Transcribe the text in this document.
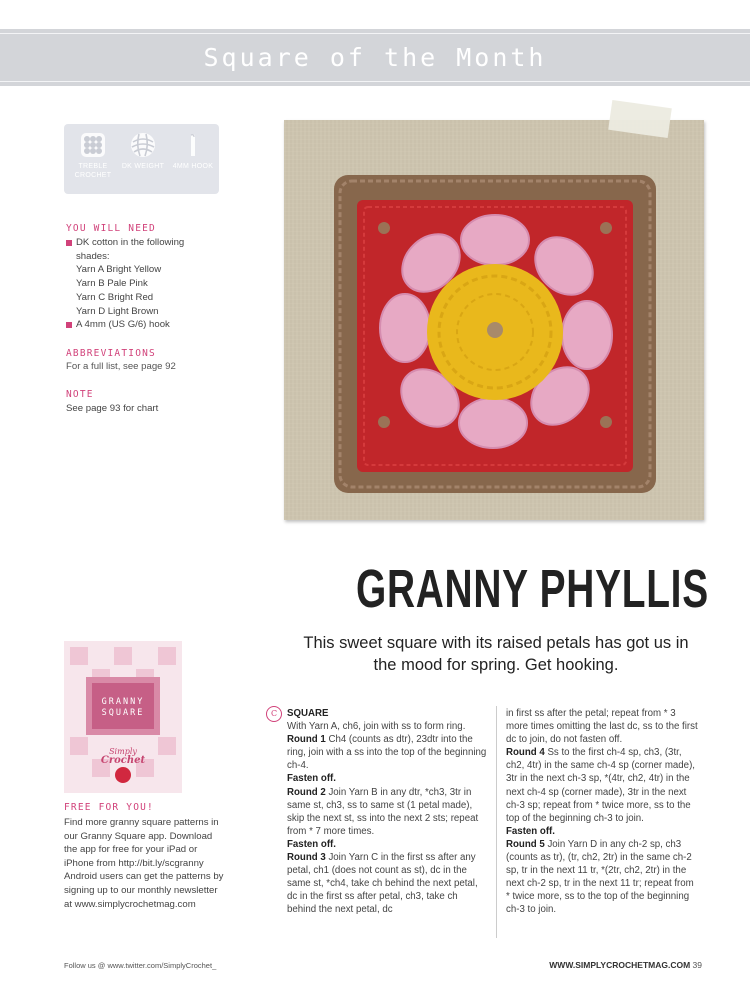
Square of the Month
TREBLE CROCHET
DK WEIGHT	4MM HOOK
YOU WILL NEED
DK cotton in the following shades:
Yarn A Bright Yellow
Yarn B Pale Pink
Yarn C Bright Red
Yarn D Light Brown
A 4mm (US G/6) hook
ABBREVIATIONS
For a full list, see page 92
NOTE
See page 93 for chart
GRANNY PHYLLIS
This sweet square with its raised petals has got us in the mood for spring. Get hooking.
GRANNY
SQUARE
Simply
Crochet
FREE FOR YOU!
Find more granny square patterns in our Granny Square app. Download the app for free for your iPad or iPhone from http://bit.ly/scgranny Android users can get the patterns by signing up to our monthly newsletter at www.simplycrochetmag.com
C	SQUARE
With Yarn A, ch6, join with ss to form ring.
Round 1 Ch4 (counts as dtr), 23dtr into the ring, join with a ss into the top of the beginning ch-4.
Fasten off.
Round 2 Join Yarn B in any dtr, *ch3, 3tr in same st, ch3, ss to same st (1 petal made), skip the next st, ss into the next 2 sts; repeat from * 7 more times.
Fasten off.
Round 3 Join Yarn C in the first ss after any petal, ch1 (does not count as st), dc in the same st, *ch4, take ch behind the next petal, dc in the first ss after petal, ch3, take ch behind the next petal, dc
in first ss after the petal; repeat from * 3 more times omitting the last dc, ss to the first dc to join, do not fasten off.
Round 4 Ss to the first ch-4 sp, ch3, (3tr, ch2, 4tr) in the same ch-4 sp (corner made), 3tr in the next ch-3 sp, *(4tr, ch2, 4tr) in the next ch-4 sp (corner made), 3tr in the next ch-3 sp; repeat from * twice more, ss to the top of the beginning ch-3 to join.
Fasten off.
Round 5 Join Yarn D in any ch-2 sp, ch3 (counts as tr), (tr, ch2, 2tr) in the same ch-2 sp, tr in the next 11 tr, *(2tr, ch2, 2tr) in the next ch-2 sp, tr in the next 11 tr; repeat from * twice more, ss to the top of the beginning ch-3 to join.
Follow us @ www.twitter.com/SimplyCrochet_	WWW.SIMPLYCROCHETMAG.COM 39
